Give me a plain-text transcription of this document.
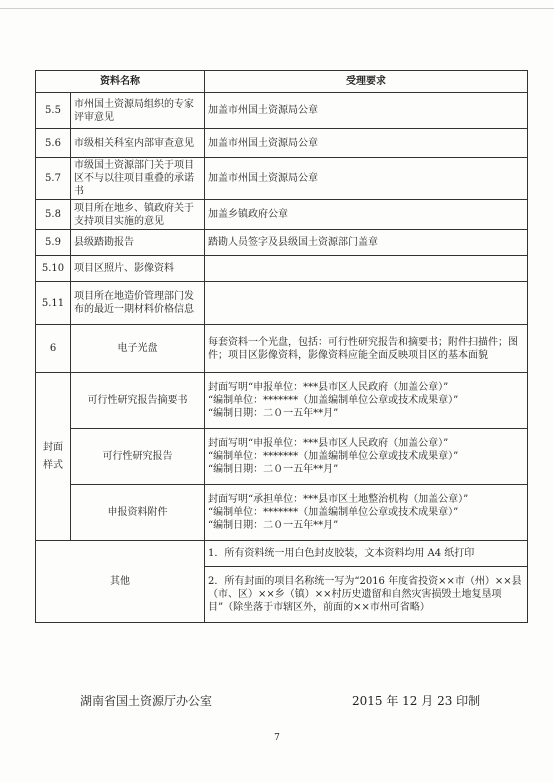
资料名称		受理要求
5.5	市州国土资源局组织的专家评审意见	加盖市州国土资源局公章
5.6	市级相关科室内部审查意见	加盖市州国土资源局公章
5.7	市级国土资源部门关于项目区不与以往项目重叠的承诺书	加盖市州国土资源局公章
5.8	项目所在地乡、镇政府关于支持项目实施的意见	加盖乡镇政府公章
5.9	县级踏勘报告	踏勘人员签字及县级国土资源部门盖章
5.10	项目区照片、影像资料	
5.11	项目所在地造价管理部门发布的最近一期材料价格信息	
6	电子光盘	每套资料一个光盘，包括：可行性研究报告和摘要书；附件扫描件；图件；项目区影像资料，影像资料应能全面反映项目区的基本面貌
封面样式	可行性研究报告摘要书	封面写明“申报单位：***县市区人民政府（加盖公章）”
“编制单位：*******（加盖编制单位公章或技术成果章）”
“编制日期：二０一五年**月”

	可行性研究报告	封面写明“申报单位：***县市区人民政府（加盖公章）”
“编制单位：*******（加盖编制单位公章或技术成果章）”
“编制日期：二０一五年**月”

	申报资料附件	封面写明“承担单位：***县市区土地整治机构（加盖公章）”
“编制单位：*******（加盖编制单位公章或技术成果章）”
“编制日期：二０一五年**月”

其他		1．所有资料统一用白色封皮胶装，文本资料均用 A4 纸打印
		2．所有封面的项目名称统一写为“2016 年度省投资××市（州）××县（市、区）××乡（镇）××村历史遗留和自然灾害损毁土地复垦项目”（除坐落于市辖区外，前面的××市州可省略）
湖南省国土资源厅办公室	2015 年 12 月 23 印制
7
